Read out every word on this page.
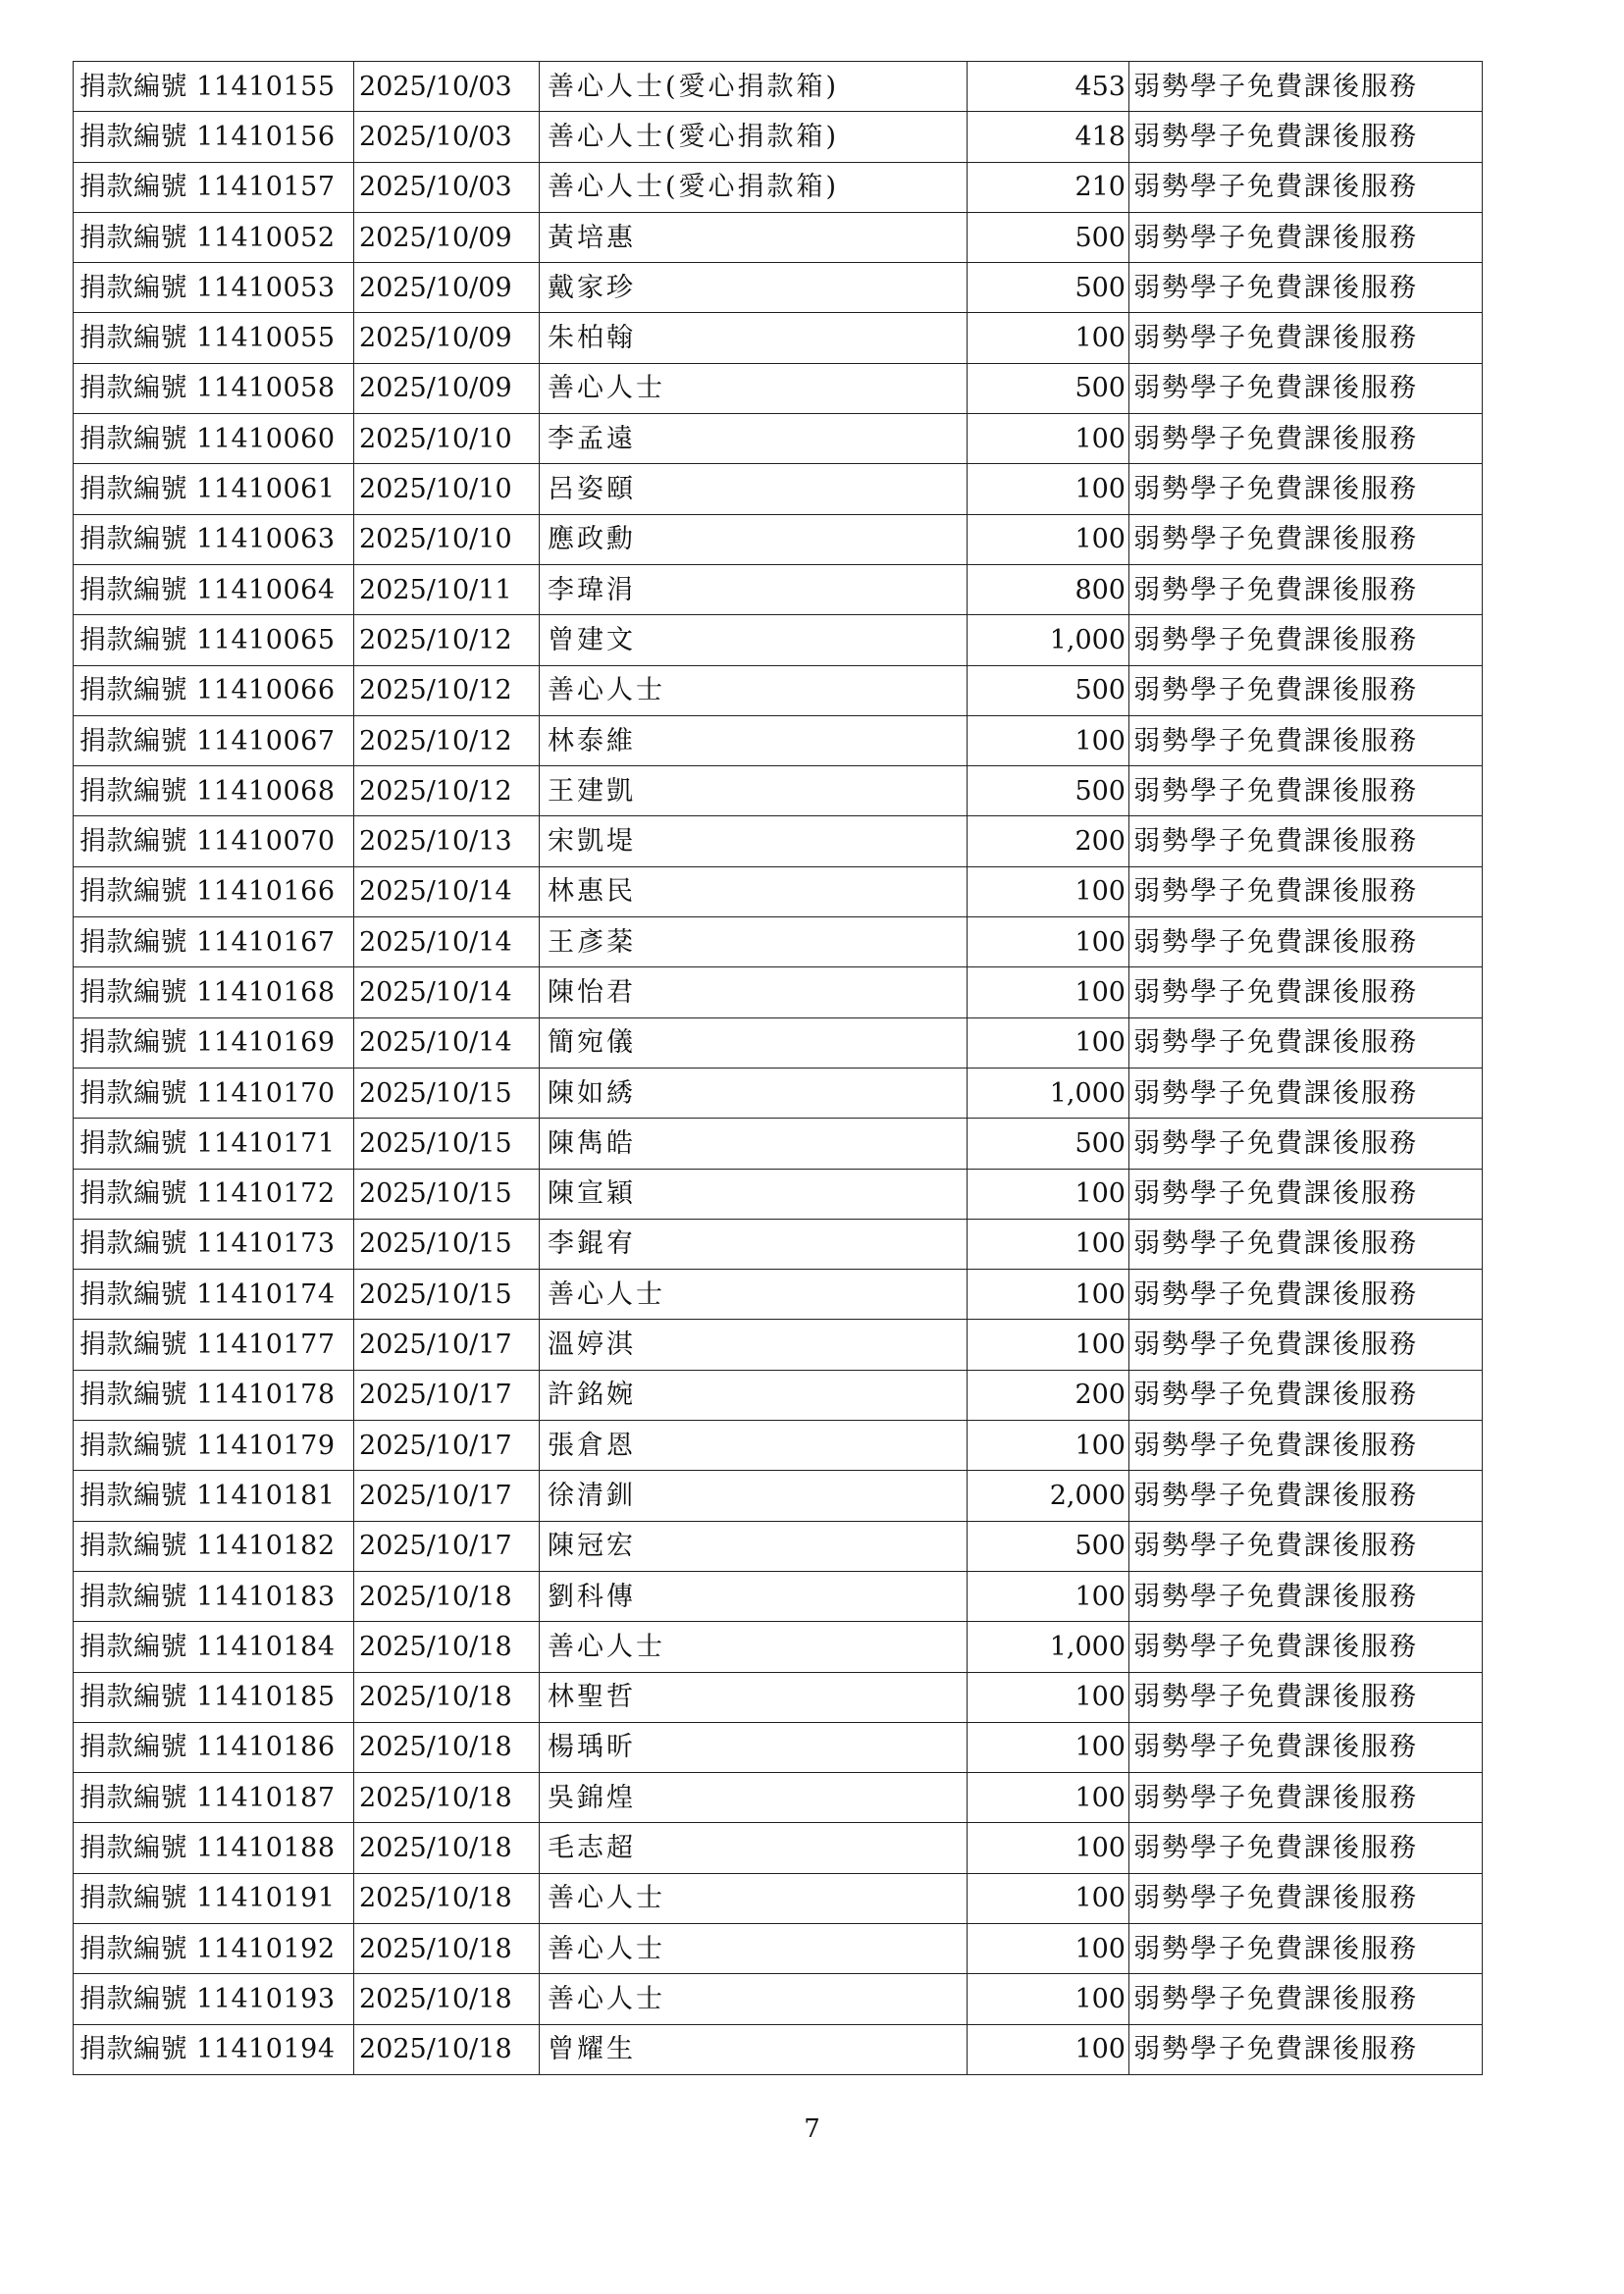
捐款編號 11410155	2025/10/03	善心人士(愛心捐款箱)	453	弱勢學子免費課後服務
捐款編號 11410156	2025/10/03	善心人士(愛心捐款箱)	418	弱勢學子免費課後服務
捐款編號 11410157	2025/10/03	善心人士(愛心捐款箱)	210	弱勢學子免費課後服務
捐款編號 11410052	2025/10/09	黃培惠	500	弱勢學子免費課後服務
捐款編號 11410053	2025/10/09	戴家珍	500	弱勢學子免費課後服務
捐款編號 11410055	2025/10/09	朱柏翰	100	弱勢學子免費課後服務
捐款編號 11410058	2025/10/09	善心人士	500	弱勢學子免費課後服務
捐款編號 11410060	2025/10/10	李孟遠	100	弱勢學子免費課後服務
捐款編號 11410061	2025/10/10	呂姿頤	100	弱勢學子免費課後服務
捐款編號 11410063	2025/10/10	應政勳	100	弱勢學子免費課後服務
捐款編號 11410064	2025/10/11	李瑋涓	800	弱勢學子免費課後服務
捐款編號 11410065	2025/10/12	曾建文	1,000	弱勢學子免費課後服務
捐款編號 11410066	2025/10/12	善心人士	500	弱勢學子免費課後服務
捐款編號 11410067	2025/10/12	林泰維	100	弱勢學子免費課後服務
捐款編號 11410068	2025/10/12	王建凱	500	弱勢學子免費課後服務
捐款編號 11410070	2025/10/13	宋凱堤	200	弱勢學子免費課後服務
捐款編號 11410166	2025/10/14	林惠民	100	弱勢學子免費課後服務
捐款編號 11410167	2025/10/14	王彥棻	100	弱勢學子免費課後服務
捐款編號 11410168	2025/10/14	陳怡君	100	弱勢學子免費課後服務
捐款編號 11410169	2025/10/14	簡宛儀	100	弱勢學子免費課後服務
捐款編號 11410170	2025/10/15	陳如綉	1,000	弱勢學子免費課後服務
捐款編號 11410171	2025/10/15	陳雋皓	500	弱勢學子免費課後服務
捐款編號 11410172	2025/10/15	陳宣穎	100	弱勢學子免費課後服務
捐款編號 11410173	2025/10/15	李錕宥	100	弱勢學子免費課後服務
捐款編號 11410174	2025/10/15	善心人士	100	弱勢學子免費課後服務
捐款編號 11410177	2025/10/17	溫婷淇	100	弱勢學子免費課後服務
捐款編號 11410178	2025/10/17	許銘婉	200	弱勢學子免費課後服務
捐款編號 11410179	2025/10/17	張倉恩	100	弱勢學子免費課後服務
捐款編號 11410181	2025/10/17	徐清釧	2,000	弱勢學子免費課後服務
捐款編號 11410182	2025/10/17	陳冠宏	500	弱勢學子免費課後服務
捐款編號 11410183	2025/10/18	劉科傳	100	弱勢學子免費課後服務
捐款編號 11410184	2025/10/18	善心人士	1,000	弱勢學子免費課後服務
捐款編號 11410185	2025/10/18	林聖哲	100	弱勢學子免費課後服務
捐款編號 11410186	2025/10/18	楊瑀昕	100	弱勢學子免費課後服務
捐款編號 11410187	2025/10/18	吳錦煌	100	弱勢學子免費課後服務
捐款編號 11410188	2025/10/18	毛志超	100	弱勢學子免費課後服務
捐款編號 11410191	2025/10/18	善心人士	100	弱勢學子免費課後服務
捐款編號 11410192	2025/10/18	善心人士	100	弱勢學子免費課後服務
捐款編號 11410193	2025/10/18	善心人士	100	弱勢學子免費課後服務
捐款編號 11410194	2025/10/18	曾耀生	100	弱勢學子免費課後服務
7
